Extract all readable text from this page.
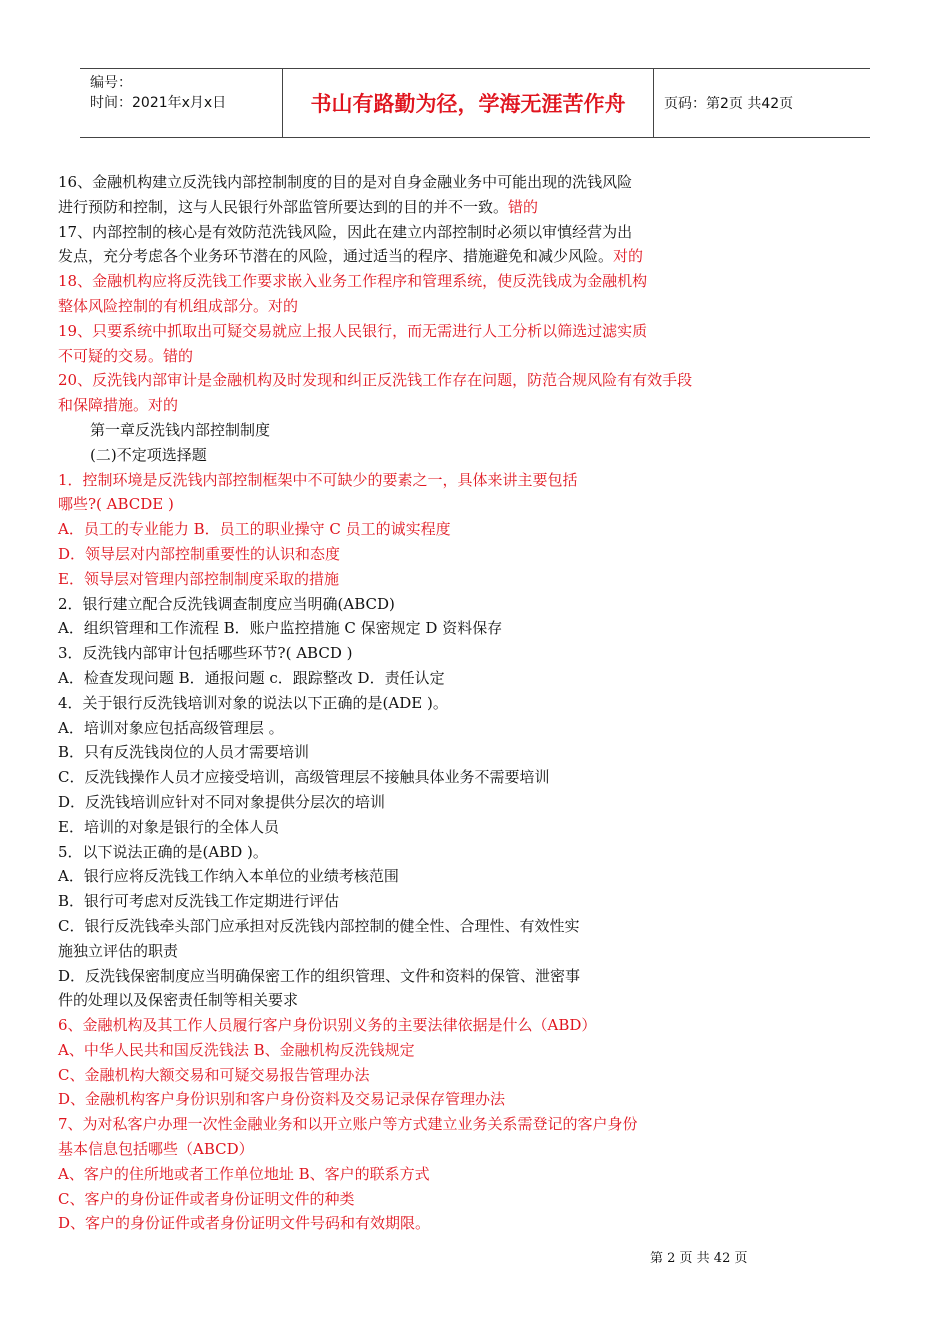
编号：
时间：2021年x月x日	书山有路勤为径，学海无涯苦作舟	页码：第2页 共42页
16、金融机构建立反洗钱内部控制制度的目的是对自身金融业务中可能出现的洗钱风险
进行预防和控制，这与人民银行外部监管所要达到的目的并不一致。错的
17、内部控制的核心是有效防范洗钱风险，因此在建立内部控制时必须以审慎经营为出
发点，充分考虑各个业务环节潜在的风险，通过适当的程序、措施避免和减少风险。对的
18、金融机构应将反洗钱工作要求嵌入业务工作程序和管理系统，使反洗钱成为金融机构
整体风险控制的有机组成部分。对的
19、只要系统中抓取出可疑交易就应上报人民银行，而无需进行人工分析以筛选过滤实质
不可疑的交易。错的
20、反洗钱内部审计是金融机构及时发现和纠正反洗钱工作存在问题，防范合规风险有有效手段
和保障措施。对的
第一章反洗钱内部控制制度
(二)不定项选择题
1．控制环境是反洗钱内部控制框架中不可缺少的要素之一，具体来讲主要包括
哪些?( ABCDE )
A．员工的专业能力 B．员工的职业操守 C 员工的诚实程度
D．领导层对内部控制重要性的认识和态度
E．领导层对管理内部控制制度采取的措施
2．银行建立配合反洗钱调查制度应当明确(ABCD)
A．组织管理和工作流程 B．账户监控措施 C 保密规定 D 资料保存
3．反洗钱内部审计包括哪些环节?( ABCD )
A．检查发现问题 B．通报问题 c．跟踪整改 D．责任认定
4．关于银行反洗钱培训对象的说法以下正确的是(ADE )。
A．培训对象应包括高级管理层 。
B．只有反洗钱岗位的人员才需要培训
C．反洗钱操作人员才应接受培训，高级管理层不接触具体业务不需要培训
D．反洗钱培训应针对不同对象提供分层次的培训
E．培训的对象是银行的全体人员
5．以下说法正确的是(ABD )。
A．银行应将反洗钱工作纳入本单位的业绩考核范围
B．银行可考虑对反洗钱工作定期进行评估
C．银行反洗钱牵头部门应承担对反洗钱内部控制的健全性、合理性、有效性实
施独立评估的职责
D．反洗钱保密制度应当明确保密工作的组织管理、文件和资料的保管、泄密事
件的处理以及保密责任制等相关要求
6、金融机构及其工作人员履行客户身份识别义务的主要法律依据是什么（ABD）
A、中华人民共和国反洗钱法 B、金融机构反洗钱规定
C、金融机构大额交易和可疑交易报告管理办法
D、金融机构客户身份识别和客户身份资料及交易记录保存管理办法
7、为对私客户办理一次性金融业务和以开立账户等方式建立业务关系需登记的客户身份
基本信息包括哪些（ABCD）
A、客户的住所地或者工作单位地址 B、客户的联系方式
C、客户的身份证件或者身份证明文件的种类
D、客户的身份证件或者身份证明文件号码和有效期限。
第 2 页 共 42 页
